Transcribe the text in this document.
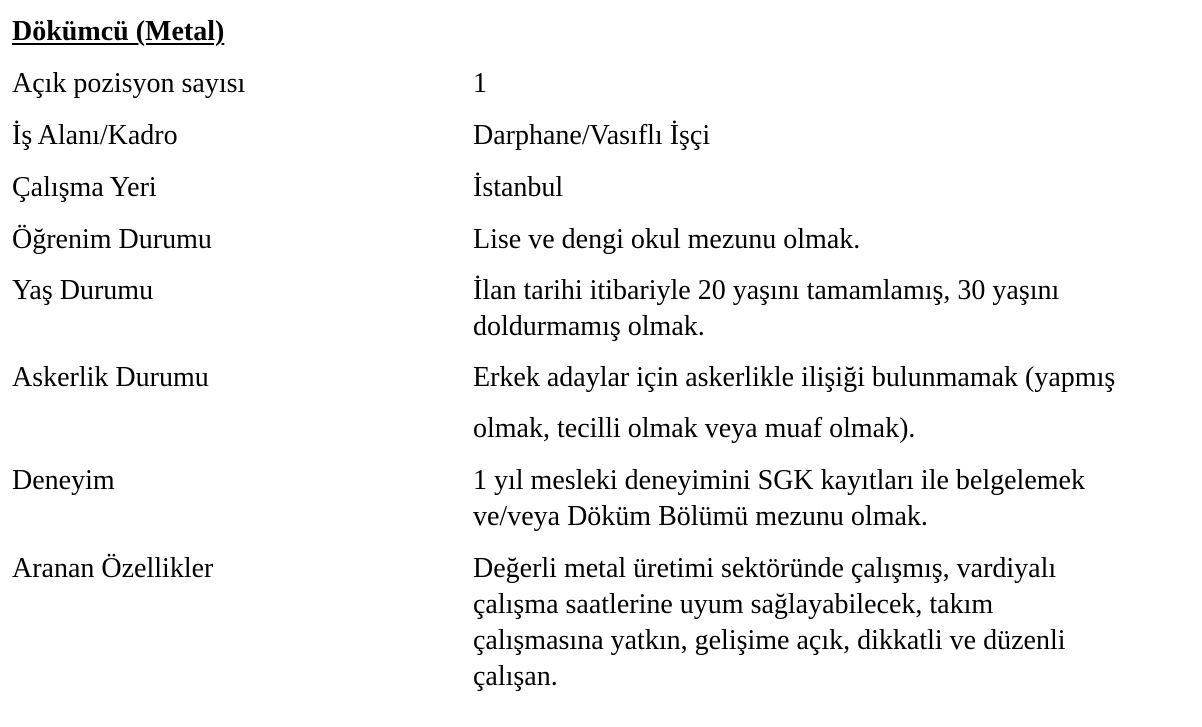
Dökümcü (Metal)
Açık pozisyon sayısı	1
İş Alanı/Kadro	Darphane/Vasıflı İşçi
Çalışma Yeri	İstanbul
Öğrenim Durumu	Lise ve dengi okul mezunu olmak.
Yaş Durumu	İlan tarihi itibariyle 20 yaşını tamamlamış, 30 yaşını
doldurmamış olmak.
Askerlik Durumu	Erkek adaylar için askerlikle ilişiği bulunmamak (yapmış
olmak, tecilli olmak veya muaf olmak).
Deneyim	1 yıl mesleki deneyimini SGK kayıtları ile belgelemek
ve/veya Döküm Bölümü mezunu olmak.
Aranan Özellikler	Değerli metal üretimi sektöründe çalışmış, vardiyalı
çalışma saatlerine uyum sağlayabilecek, takım
çalışmasına yatkın, gelişime açık, dikkatli ve düzenli
çalışan.
